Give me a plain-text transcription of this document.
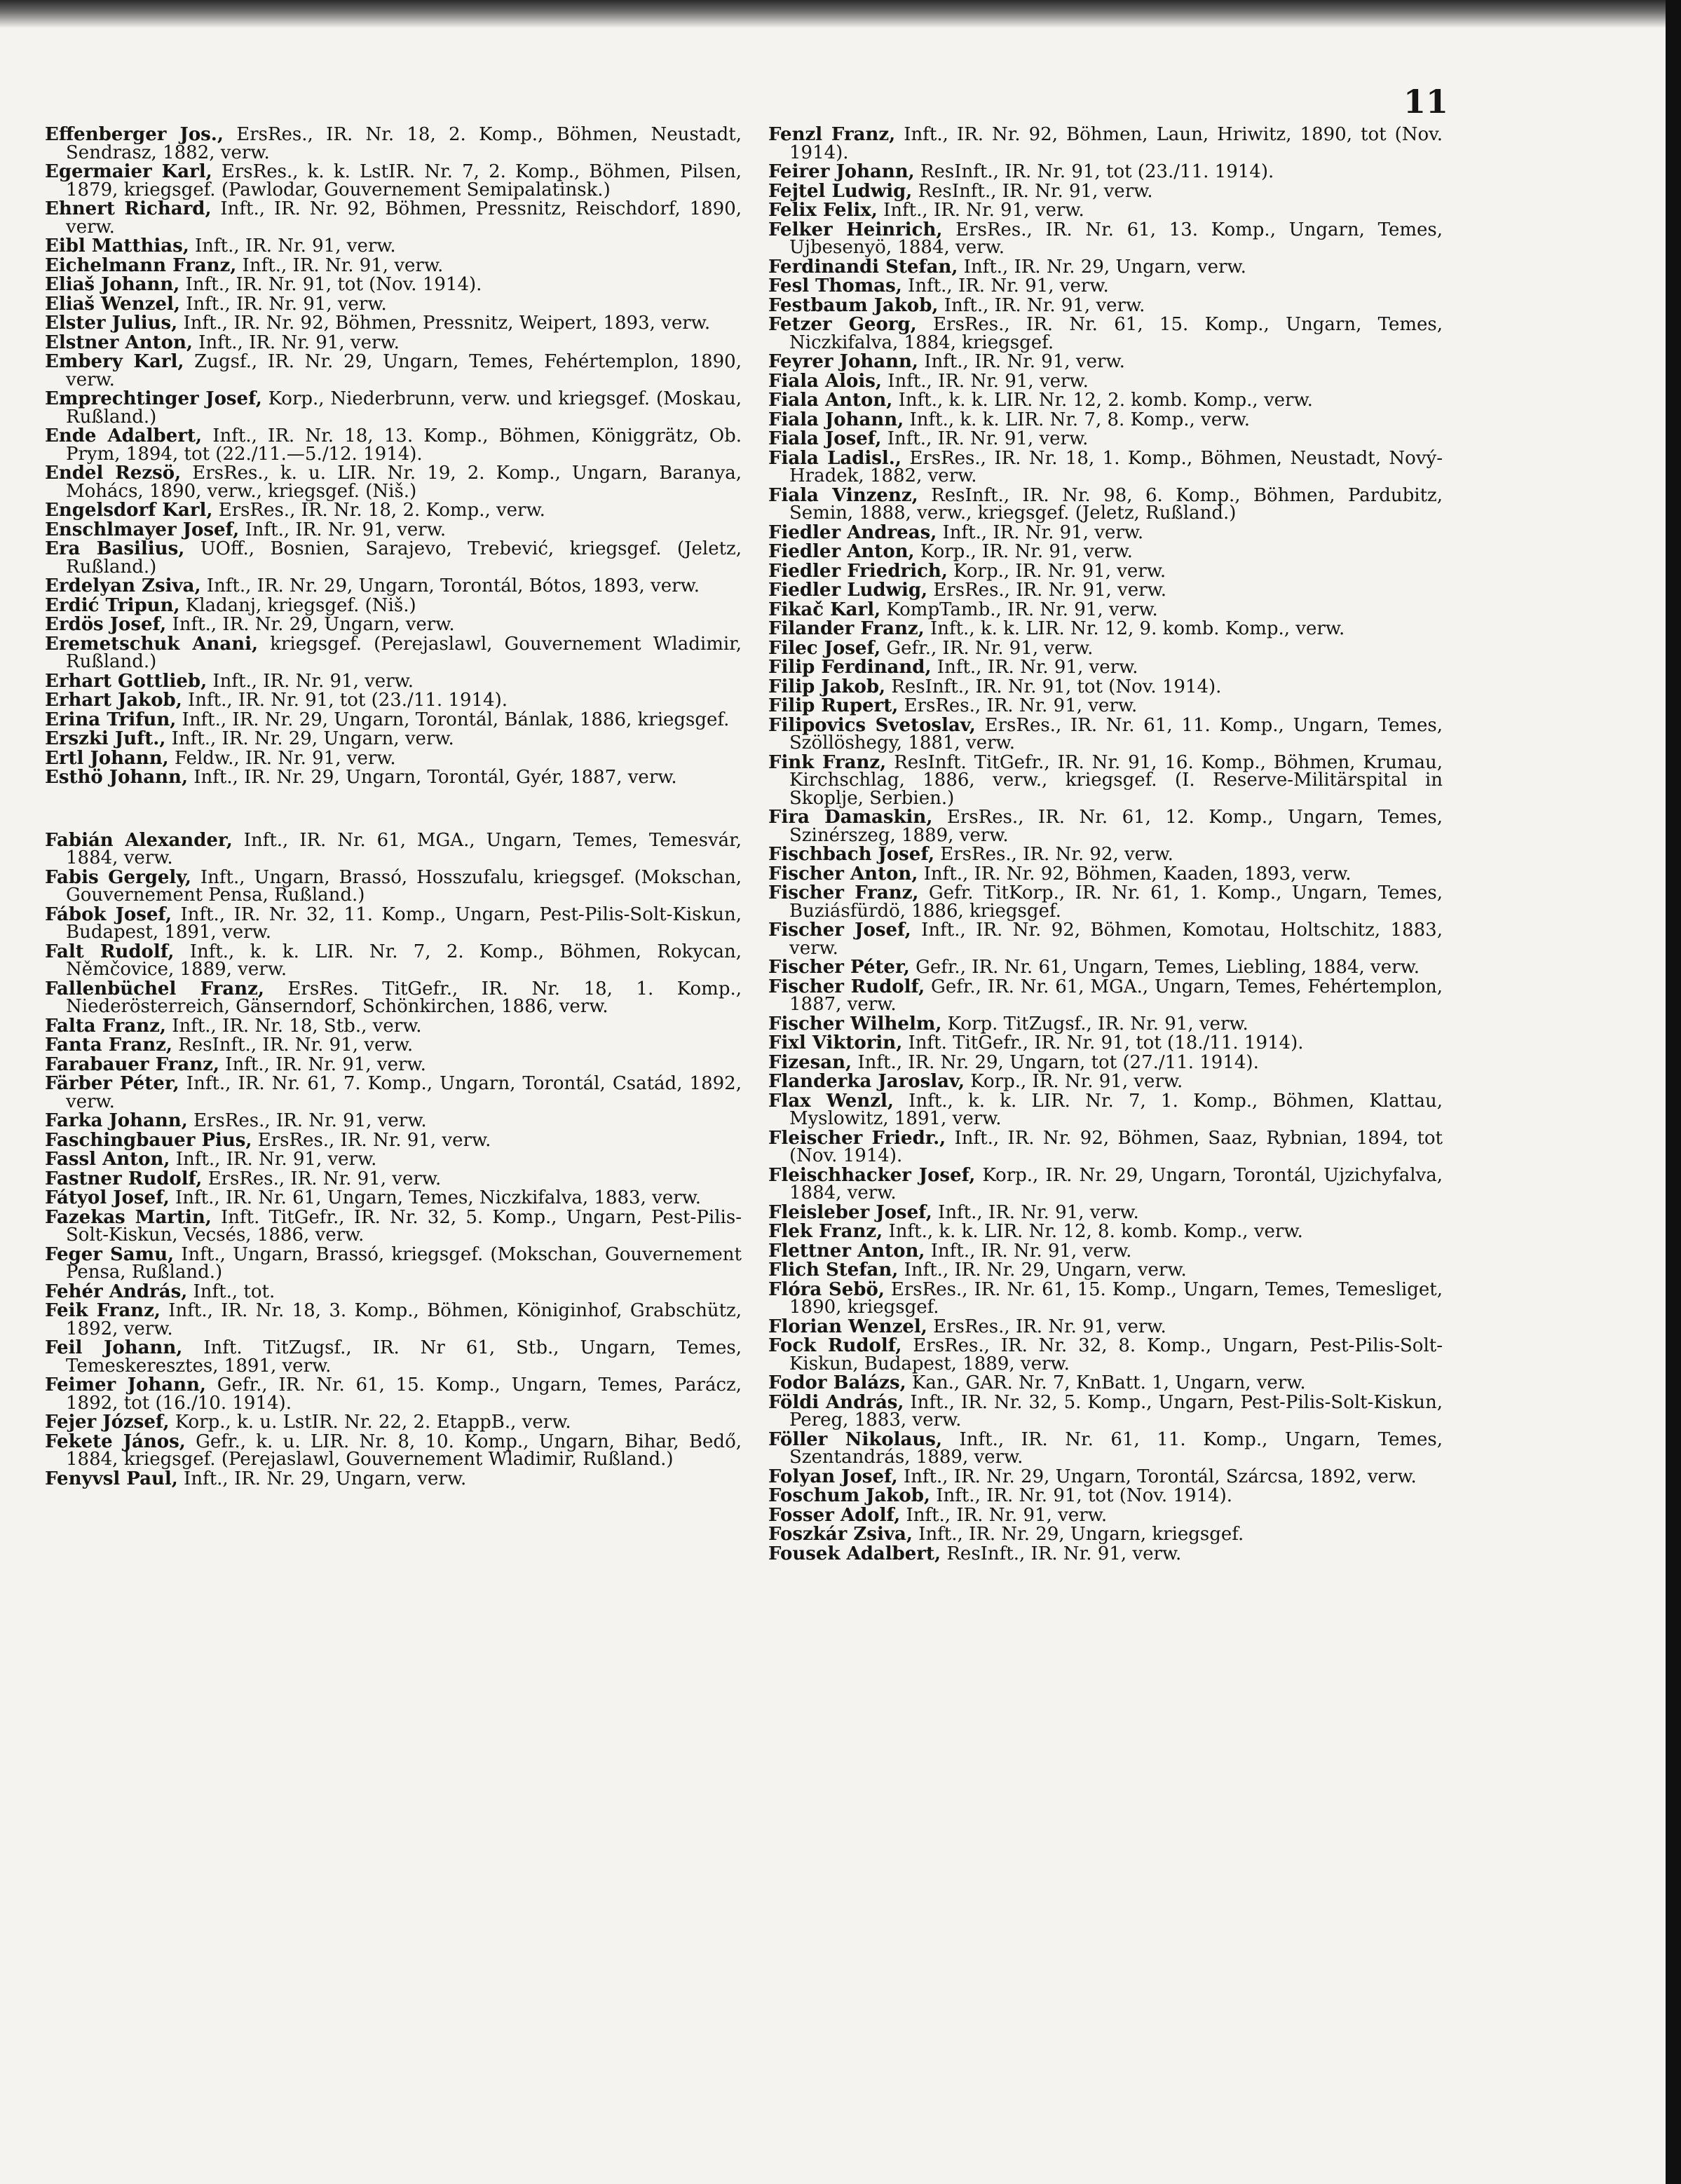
11
Effenberger Jos., ErsRes., IR. Nr. 18, 2. Komp., Böhmen, Neustadt, Sendrasz, 1882, verw.
Egermaier Karl, ErsRes., k. k. LstIR. Nr. 7, 2. Komp., Böhmen, Pilsen, 1879, kriegsgef. (Pawlodar, Gouvernement Semipalatinsk.)
Ehnert Richard, Inft., IR. Nr. 92, Böhmen, Pressnitz, Reischdorf, 1890, verw.
Eibl Matthias, Inft., IR. Nr. 91, verw.
Eichelmann Franz, Inft., IR. Nr. 91, verw.
Eliaš Johann, Inft., IR. Nr. 91, tot (Nov. 1914).
Eliaš Wenzel, Inft., IR. Nr. 91, verw.
Elster Julius, Inft., IR. Nr. 92, Böhmen, Pressnitz, Weipert, 1893, verw.
Elstner Anton, Inft., IR. Nr. 91, verw.
Embery Karl, Zugsf., IR. Nr. 29, Ungarn, Temes, Fehértemplon, 1890, verw.
Emprechtinger Josef, Korp., Niederbrunn, verw. und kriegsgef. (Moskau, Rußland.)
Ende Adalbert, Inft., IR. Nr. 18, 13. Komp., Böhmen, Königgrätz, Ob. Prym, 1894, tot (22./11.—5./12. 1914).
Endel Rezsö, ErsRes., k. u. LIR. Nr. 19, 2. Komp., Ungarn, Baranya, Mohács, 1890, verw., kriegsgef. (Niš.)
Engelsdorf Karl, ErsRes., IR. Nr. 18, 2. Komp., verw.
Enschlmayer Josef, Inft., IR. Nr. 91, verw.
Era Basilius, UOff., Bosnien, Sarajevo, Trebević, kriegsgef. (Jeletz, Rußland.)
Erdelyan Zsiva, Inft., IR. Nr. 29, Ungarn, Torontál, Bótos, 1893, verw.
Erdić Tripun, Kladanj, kriegsgef. (Niš.)
Erdös Josef, Inft., IR. Nr. 29, Ungarn, verw.
Eremetschuk Anani, kriegsgef. (Perejaslawl, Gouvernement Wladimir, Rußland.)
Erhart Gottlieb, Inft., IR. Nr. 91, verw.
Erhart Jakob, Inft., IR. Nr. 91, tot (23./11. 1914).
Erina Trifun, Inft., IR. Nr. 29, Ungarn, Torontál, Bánlak, 1886, kriegsgef.
Erszki Juft., Inft., IR. Nr. 29, Ungarn, verw.
Ertl Johann, Feldw., IR. Nr. 91, verw.
Esthö Johann, Inft., IR. Nr. 29, Ungarn, Torontál, Gyér, 1887, verw.
Fabián Alexander, Inft., IR. Nr. 61, MGA., Ungarn, Temes, Temesvár, 1884, verw.
Fabis Gergely, Inft., Ungarn, Brassó, Hosszufalu, kriegsgef. (Mokschan, Gouvernement Pensa, Rußland.)
Fábok Josef, Inft., IR. Nr. 32, 11. Komp., Ungarn, Pest-Pilis-Solt-Kiskun, Budapest, 1891, verw.
Falt Rudolf, Inft., k. k. LIR. Nr. 7, 2. Komp., Böhmen, Rokycan, Němčovice, 1889, verw.
Fallenbüchel Franz, ErsRes. TitGefr., IR. Nr. 18, 1. Komp., Niederösterreich, Gänserndorf, Schönkirchen, 1886, verw.
Falta Franz, Inft., IR. Nr. 18, Stb., verw.
Fanta Franz, ResInft., IR. Nr. 91, verw.
Farabauer Franz, Inft., IR. Nr. 91, verw.
Färber Péter, Inft., IR. Nr. 61, 7. Komp., Ungarn, Torontál, Csatád, 1892, verw.
Farka Johann, ErsRes., IR. Nr. 91, verw.
Faschingbauer Pius, ErsRes., IR. Nr. 91, verw.
Fassl Anton, Inft., IR. Nr. 91, verw.
Fastner Rudolf, ErsRes., IR. Nr. 91, verw.
Fátyol Josef, Inft., IR. Nr. 61, Ungarn, Temes, Niczkifalva, 1883, verw.
Fazekas Martin, Inft. TitGefr., IR. Nr. 32, 5. Komp., Ungarn, Pest-Pilis-Solt-Kiskun, Vecsés, 1886, verw.
Feger Samu, Inft., Ungarn, Brassó, kriegsgef. (Mokschan, Gouvernement Pensa, Rußland.)
Fehér András, Inft., tot.
Feik Franz, Inft., IR. Nr. 18, 3. Komp., Böhmen, Königinhof, Grabschütz, 1892, verw.
Feil Johann, Inft. TitZugsf., IR. Nr 61, Stb., Ungarn, Temes, Temeskeresztes, 1891, verw.
Feimer Johann, Gefr., IR. Nr. 61, 15. Komp., Ungarn, Temes, Parácz, 1892, tot (16./10. 1914).
Fejer József, Korp., k. u. LstIR. Nr. 22, 2. EtappB., verw.
Fekete János, Gefr., k. u. LIR. Nr. 8, 10. Komp., Ungarn, Bihar, Bedő, 1884, kriegsgef. (Perejaslawl, Gouvernement Wladimir, Rußland.)
Fenyvsl Paul, Inft., IR. Nr. 29, Ungarn, verw.
Fenzl Franz, Inft., IR. Nr. 92, Böhmen, Laun, Hriwitz, 1890, tot (Nov. 1914).
Feirer Johann, ResInft., IR. Nr. 91, tot (23./11. 1914).
Fejtel Ludwig, ResInft., IR. Nr. 91, verw.
Felix Felix, Inft., IR. Nr. 91, verw.
Felker Heinrich, ErsRes., IR. Nr. 61, 13. Komp., Ungarn, Temes, Ujbesenyö, 1884, verw.
Ferdinandi Stefan, Inft., IR. Nr. 29, Ungarn, verw.
Fesl Thomas, Inft., IR. Nr. 91, verw.
Festbaum Jakob, Inft., IR. Nr. 91, verw.
Fetzer Georg, ErsRes., IR. Nr. 61, 15. Komp., Ungarn, Temes, Niczkifalva, 1884, kriegsgef.
Feyrer Johann, Inft., IR. Nr. 91, verw.
Fiala Alois, Inft., IR. Nr. 91, verw.
Fiala Anton, Inft., k. k. LIR. Nr. 12, 2. komb. Komp., verw.
Fiala Johann, Inft., k. k. LIR. Nr. 7, 8. Komp., verw.
Fiala Josef, Inft., IR. Nr. 91, verw.
Fiala Ladisl., ErsRes., IR. Nr. 18, 1. Komp., Böhmen, Neustadt, Nový-Hradek, 1882, verw.
Fiala Vinzenz, ResInft., IR. Nr. 98, 6. Komp., Böhmen, Pardubitz, Semin, 1888, verw., kriegsgef. (Jeletz, Rußland.)
Fiedler Andreas, Inft., IR. Nr. 91, verw.
Fiedler Anton, Korp., IR. Nr. 91, verw.
Fiedler Friedrich, Korp., IR. Nr. 91, verw.
Fiedler Ludwig, ErsRes., IR. Nr. 91, verw.
Fikač Karl, KompTamb., IR. Nr. 91, verw.
Filander Franz, Inft., k. k. LIR. Nr. 12, 9. komb. Komp., verw.
Filec Josef, Gefr., IR. Nr. 91, verw.
Filip Ferdinand, Inft., IR. Nr. 91, verw.
Filip Jakob, ResInft., IR. Nr. 91, tot (Nov. 1914).
Filip Rupert, ErsRes., IR. Nr. 91, verw.
Filipovics Svetoslav, ErsRes., IR. Nr. 61, 11. Komp., Ungarn, Temes, Szöllöshegy, 1881, verw.
Fink Franz, ResInft. TitGefr., IR. Nr. 91, 16. Komp., Böhmen, Krumau, Kirchschlag, 1886, verw., kriegsgef. (I. Reserve-Militärspital in Skoplje, Serbien.)
Fira Damaskin, ErsRes., IR. Nr. 61, 12. Komp., Ungarn, Temes, Szinérszeg, 1889, verw.
Fischbach Josef, ErsRes., IR. Nr. 92, verw.
Fischer Anton, Inft., IR. Nr. 92, Böhmen, Kaaden, 1893, verw.
Fischer Franz, Gefr. TitKorp., IR. Nr. 61, 1. Komp., Ungarn, Temes, Buziásfürdö, 1886, kriegsgef.
Fischer Josef, Inft., IR. Nr. 92, Böhmen, Komotau, Holtschitz, 1883, verw.
Fischer Péter, Gefr., IR. Nr. 61, Ungarn, Temes, Liebling, 1884, verw.
Fischer Rudolf, Gefr., IR. Nr. 61, MGA., Ungarn, Temes, Fehértemplon, 1887, verw.
Fischer Wilhelm, Korp. TitZugsf., IR. Nr. 91, verw.
Fixl Viktorin, Inft. TitGefr., IR. Nr. 91, tot (18./11. 1914).
Fizesan, Inft., IR. Nr. 29, Ungarn, tot (27./11. 1914).
Flanderka Jaroslav, Korp., IR. Nr. 91, verw.
Flax Wenzl, Inft., k. k. LIR. Nr. 7, 1. Komp., Böhmen, Klattau, Myslowitz, 1891, verw.
Fleischer Friedr., Inft., IR. Nr. 92, Böhmen, Saaz, Rybnian, 1894, tot (Nov. 1914).
Fleischhacker Josef, Korp., IR. Nr. 29, Ungarn, Torontál, Ujzichyfalva, 1884, verw.
Fleisleber Josef, Inft., IR. Nr. 91, verw.
Flek Franz, Inft., k. k. LIR. Nr. 12, 8. komb. Komp., verw.
Flettner Anton, Inft., IR. Nr. 91, verw.
Flich Stefan, Inft., IR. Nr. 29, Ungarn, verw.
Flóra Sebö, ErsRes., IR. Nr. 61, 15. Komp., Ungarn, Temes, Temesliget, 1890, kriegsgef.
Florian Wenzel, ErsRes., IR. Nr. 91, verw.
Fock Rudolf, ErsRes., IR. Nr. 32, 8. Komp., Ungarn, Pest-Pilis-Solt-Kiskun, Budapest, 1889, verw.
Fodor Balázs, Kan., GAR. Nr. 7, KnBatt. 1, Ungarn, verw.
Földi András, Inft., IR. Nr. 32, 5. Komp., Ungarn, Pest-Pilis-Solt-Kiskun, Pereg, 1883, verw.
Föller Nikolaus, Inft., IR. Nr. 61, 11. Komp., Ungarn, Temes, Szentandrás, 1889, verw.
Folyan Josef, Inft., IR. Nr. 29, Ungarn, Torontál, Szárcsa, 1892, verw.
Foschum Jakob, Inft., IR. Nr. 91, tot (Nov. 1914).
Fosser Adolf, Inft., IR. Nr. 91, verw.
Foszkár Zsiva, Inft., IR. Nr. 29, Ungarn, kriegsgef.
Fousek Adalbert, ResInft., IR. Nr. 91, verw.
